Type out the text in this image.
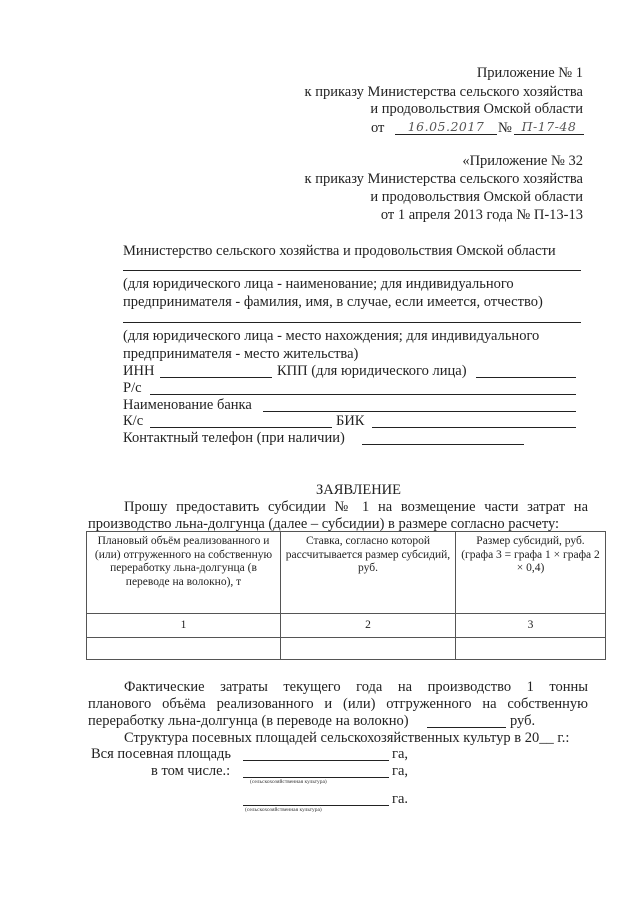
Приложение № 1
к приказу Министерства сельского хозяйства
и продовольствия Омской области
от	16.05.2017 № П-17-48
«Приложение № 32
к приказу Министерства сельского хозяйства
и продовольствия Омской области
от 1 апреля 2013 года № П-13-13
Министерство сельского хозяйства и продовольствия Омской области
(для юридического лица - наименование; для индивидуального
предпринимателя - фамилия, имя, в случае, если имеется, отчество)
(для юридического лица - место нахождения; для индивидуального
предпринимателя - место жительства)
ИНН	КПП (для юридического лица)
Р/с
Наименование банка
К/с	БИК
Контактный телефон (при наличии)
ЗАЯВЛЕНИЕ
Прошу предоставить субсидии № 1 на возмещение части затрат на
производство льна-долгунца (далее – субсидии) в размере согласно расчету:
Плановый объём реализованного и (или) отгруженного на собственную переработку льна-долгунца (в переводе на волокно), т	Ставка, согласно которой рассчитывается размер субсидий, руб.	Размер субсидий, руб. (графа 3 = графа 1 × графа 2 × 0,4)
1	2	3

Фактические затраты текущего года на производство 1 тонны
планового объёма реализованного и (или) отгруженного на собственную
переработку льна-долгунца (в переводе на волокно)	руб.
Структура посевных площадей сельскохозяйственных культур в 20__ г.:
Вся посевная площадь	га,
в том числе.:	га,
(сельскохозяйственная культура)
га.
(сельскохозяйственная культура)
